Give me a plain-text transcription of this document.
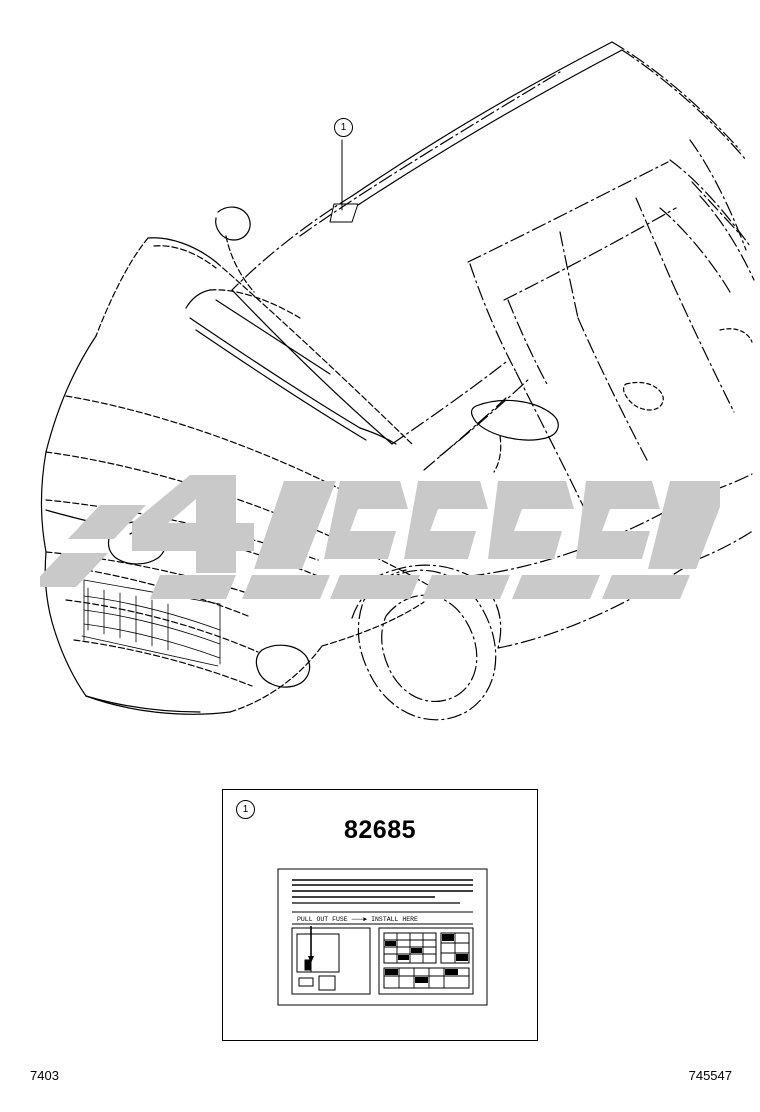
1
1
82685
PULL OUT FUSE ───► INSTALL HERE
7403	745547
